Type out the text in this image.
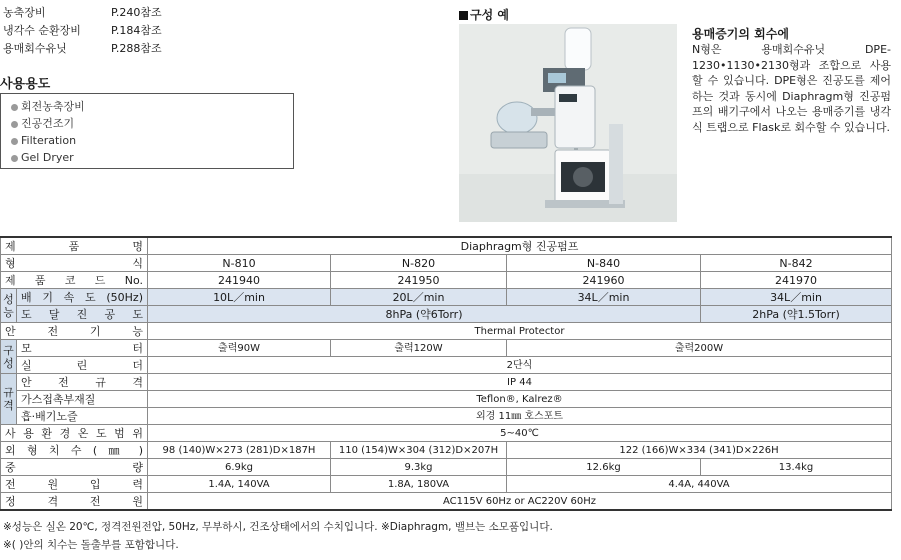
농축장비	P.240참조
냉각수 순환장비	P.184참조
용매회수유닛	P.288참조
사용용도
회전농축장비
진공건조기
Filteration
Gel Dryer
구성 예
용매증기의 회수에
N형은 용매회수유닛 DPE-1230•1130•2130형과 조합으로 사용할 수 있습니다. DPE형은 진공도를 제어하는 것과 동시에 Diaphragm형 진공펌프의 배기구에서 나오는 용매증기를 냉각식 트랩으로 Flask로 회수할 수 있습니다.
제 품 명		Diaphragm형 진공펌프			
형 식		N-810	N-820	N-840	N-842
제 품 코 드 No.		241940	241950	241960	241970
성능	배 기 속 도 (50Hz)	10L／min	20L／min	34L／min	34L／min
	도 달 진 공 도	8hPa (약6Torr)			2hPa (약1.5Torr)
안 전 기 능		Thermal Protector			
구성	모 터	출력90W	출력120W	출력200W	
	실 린 더	2단식			
규격	안 전 규 격	IP 44			
	가스접촉부재질	Teflon®, Kalrez®			
	흡·배기노즐	외경 11㎜ 호스포트			
사 용 환 경 온 도 범 위		5~40℃			
외 형 치 수 ( ㎜ )		98 (140)W×273 (281)D×187H	110 (154)W×304 (312)D×207H	122 (166)W×334 (341)D×226H	
중 량		6.9kg	9.3kg	12.6kg	13.4kg
전 원 입 력		1.4A, 140VA	1.8A, 180VA	4.4A, 440VA	
정 격 전 원		AC115V 60Hz or AC220V 60Hz			
※성능은 실온 20℃, 정격전원전압, 50Hz, 무부하시, 건조상태에서의 수치입니다. ※Diaphragm, 밸브는 소모품입니다.
※( )안의 치수는 돌출부를 포함합니다.
